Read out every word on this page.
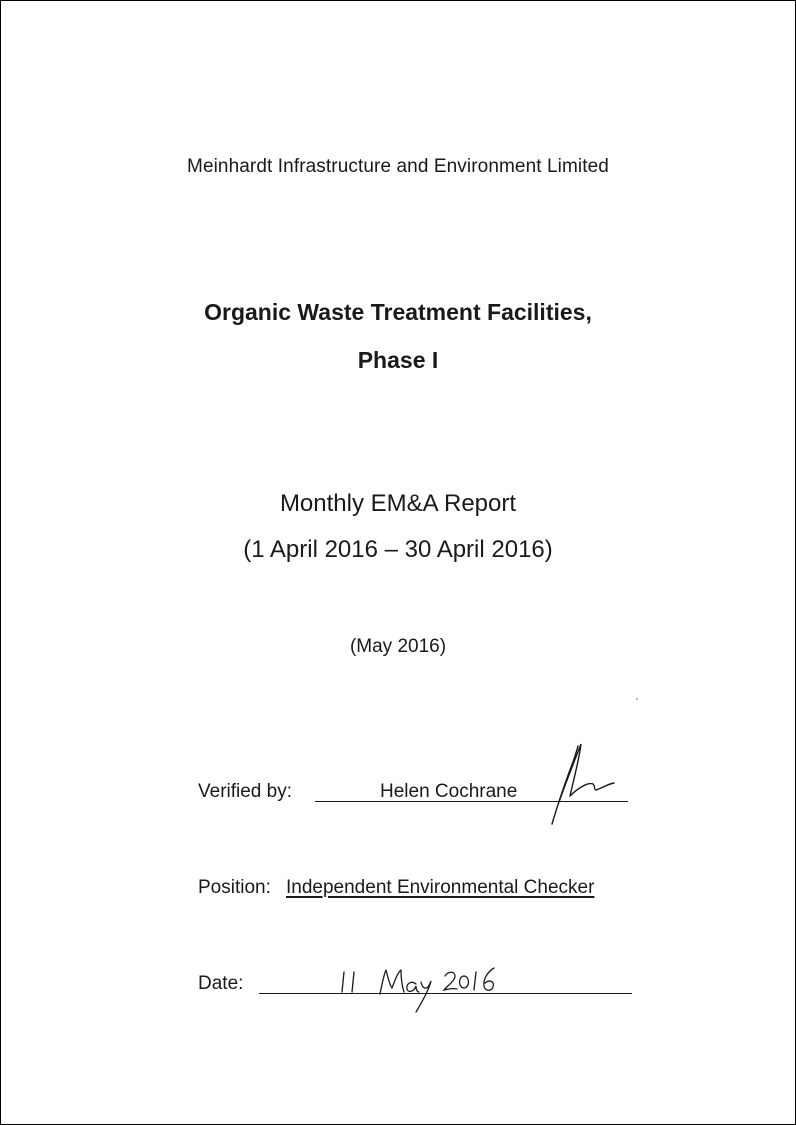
Meinhardt Infrastructure and Environment Limited
Organic Waste Treatment Facilities,
Phase I
Monthly EM&A Report
(1 April 2016 – 30 April 2016)
(May 2016)
Verified by:	Helen Cochrane
Position: Independent Environmental Checker
Date:
